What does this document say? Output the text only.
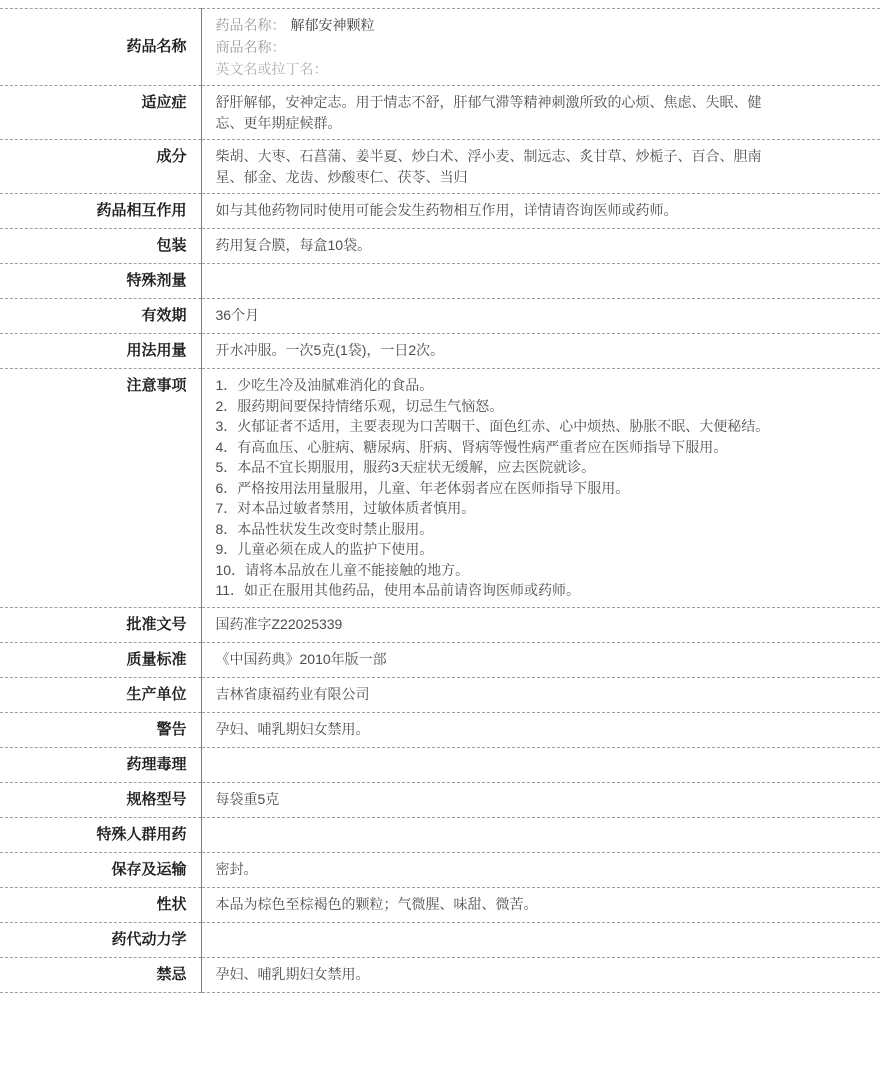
药品名称	药品名称： 解郁安神颗粒
商品名称：
英文名或拉丁名：

适应症	舒肝解郁，安神定志。用于情志不舒，肝郁气滞等精神刺激所致的心烦、焦虑、失眠、健忘、更年期症候群。
成分	柴胡、大枣、石菖蒲、姜半夏、炒白术、浮小麦、制远志、炙甘草、炒栀子、百合、胆南星、郁金、龙齿、炒酸枣仁、茯苓、当归
药品相互作用	如与其他药物同时使用可能会发生药物相互作用，详情请咨询医师或药师。
包装	药用复合膜，每盒10袋。
特殊剂量	
有效期	36个月
用法用量	开水冲服。一次5克(1袋)，一日2次。
注意事项	1．少吃生冷及油腻难消化的食品。
2．服药期间要保持情绪乐观，切忌生气恼怒。
3．火郁证者不适用，主要表现为口苦咽干、面色红赤、心中烦热、胁胀不眠、大便秘结。
4．有高血压、心脏病、糖尿病、肝病、肾病等慢性病严重者应在医师指导下服用。
5．本品不宜长期服用，服药3天症状无缓解，应去医院就诊。
6．严格按用法用量服用，儿童、年老体弱者应在医师指导下服用。
7．对本品过敏者禁用，过敏体质者慎用。
8．本品性状发生改变时禁止服用。
9．儿童必须在成人的监护下使用。
10．请将本品放在儿童不能接触的地方。
11．如正在服用其他药品，使用本品前请咨询医师或药师。

批准文号	国药准字Z22025339
质量标准	《中国药典》2010年版一部
生产单位	吉林省康福药业有限公司
警告	孕妇、哺乳期妇女禁用。
药理毒理	
规格型号	每袋重5克
特殊人群用药	
保存及运输	密封。
性状	本品为棕色至棕褐色的颗粒；气微腥、味甜、微苦。
药代动力学	
禁忌	孕妇、哺乳期妇女禁用。
